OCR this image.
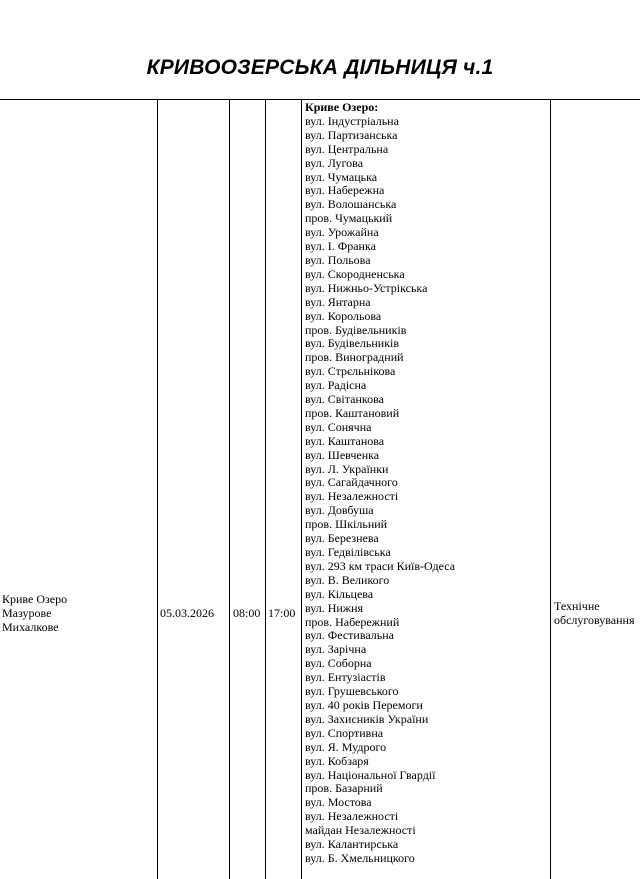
КРИВООЗЕРСЬКА ДІЛЬНИЦЯ ч.1
Криве Озеро
Мазурове
Михалкове
05.03.2026 08:00 17:00
Криве Озеро:
вул. Індустріальна
вул. Партизанська
вул. Центральна
вул. Лугова
вул. Чумацька
вул. Набережна
вул. Волошанська
пров. Чумацький
вул. Урожайна
вул. І. Франка
вул. Польова
вул. Скородненська
вул. Нижньо-Устрікська
вул. Янтарна
вул. Корольова
пров. Будівельників
вул. Будівельників
пров. Виноградний
вул. Стрєльнікова
вул. Радісна
вул. Світанкова
пров. Каштановий
вул. Сонячна
вул. Каштанова
вул. Шевченка
вул. Л. Українки
вул. Сагайдачного
вул. Незалежності
вул. Довбуша
пров. Шкільний
вул. Березнева
вул. Гедвілівська
вул. 293 км траси Київ-Одеса
вул. В. Великого
вул. Кільцева
вул. Нижня
пров. Набережний
вул. Фестивальна
вул. Зарічна
вул. Соборна
вул. Ентузіастів
вул. Грушевського
вул. 40 років Перемоги
вул. Захисників України
вул. Спортивна
вул. Я. Мудрого
вул. Кобзаря
вул. Національної Гвардії
пров. Базарний
вул. Мостова
вул. Незалежності
майдан Незалежності
вул. Калантирська
вул. Б. Хмельницкого
Технічне обслуговування
